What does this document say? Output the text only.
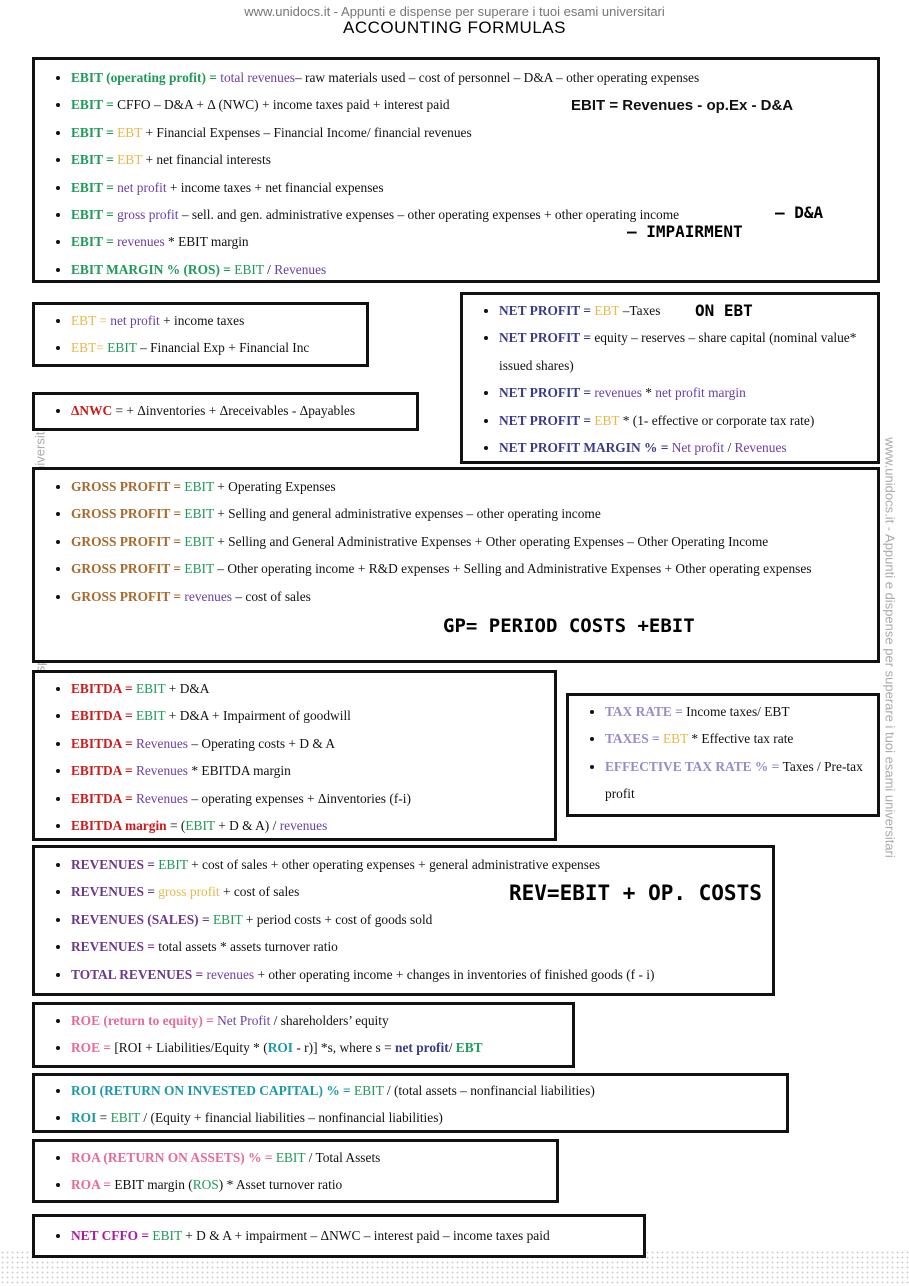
www.unidocs.it - Appunti e dispense per superare i tuoi esami universitari
ACCOUNTING FORMULAS
www.unidocs.it - Appunti e dispense per superare i tuoi esami universitari
• EBIT (operating profit) = total revenues– raw materials used – cost of personnel – D&A – other operating expenses
• EBIT = CFFO – D&A + Δ (NWC) + income taxes paid + interest paid
• EBIT = EBT + Financial Expenses – Financial Income/ financial revenues
• EBIT = EBT + net financial interests
• EBIT = net profit + income taxes + net financial expenses
• EBIT = gross profit – sell. and gen. administrative expenses – other operating expenses + other operating income
• EBIT = revenues * EBIT margin
• EBIT MARGIN % (ROS) = EBIT / Revenues
EBIT = Revenues - op.Ex - D&A
– D&A
– IMPAIRMENT
• EBT = net profit + income taxes
• EBT= EBIT – Financial Exp + Financial Inc
• ΔNWC = + Δinventories + Δreceivables - Δpayables
• NET PROFIT = EBT –Taxes
• NET PROFIT = equity – reserves – share capital (nominal value* issued shares)
• NET PROFIT = revenues * net profit margin
• NET PROFIT = EBT * (1- effective or corporate tax rate)
• NET PROFIT MARGIN % = Net profit / Revenues
ON EBT
• GROSS PROFIT = EBIT + Operating Expenses
• GROSS PROFIT = EBIT + Selling and general administrative expenses – other operating income
• GROSS PROFIT = EBIT + Selling and General Administrative Expenses + Other operating Expenses – Other Operating Income
• GROSS PROFIT = EBIT – Other operating income + R&D expenses + Selling and Administrative Expenses + Other operating expenses
• GROSS PROFIT = revenues – cost of sales
GP= PERIOD COSTS +EBIT
• EBITDA = EBIT + D&A
• EBITDA = EBIT + D&A + Impairment of goodwill
• EBITDA = Revenues – Operating costs + D & A
• EBITDA = Revenues * EBITDA margin
• EBITDA = Revenues – operating expenses + Δinventories (f-i)
• EBITDA margin = (EBIT + D & A) / revenues
• TAX RATE = Income taxes/ EBT
• TAXES = EBT * Effective tax rate
• EFFECTIVE TAX RATE % = Taxes / Pre-tax profit
• REVENUES = EBIT + cost of sales + other operating expenses + general administrative expenses
• REVENUES = gross profit + cost of sales
• REVENUES (SALES) = EBIT + period costs + cost of goods sold
• REVENUES = total assets * assets turnover ratio
• TOTAL REVENUES = revenues + other operating income + changes in inventories of finished goods (f - i)
REV=EBIT + OP. COSTS
• ROE (return to equity) = Net Profit / shareholders’ equity
• ROE = [ROI + Liabilities/Equity * (ROI - r)] *s, where s = net profit/ EBT
• ROI (RETURN ON INVESTED CAPITAL) % = EBIT / (total assets – nonfinancial liabilities)
• ROI = EBIT / (Equity + financial liabilities – nonfinancial liabilities)
• ROA (RETURN ON ASSETS) % = EBIT / Total Assets
• ROA = EBIT margin (ROS) * Asset turnover ratio
• NET CFFO = EBIT + D & A + impairment – ΔNWC – interest paid – income taxes paid
